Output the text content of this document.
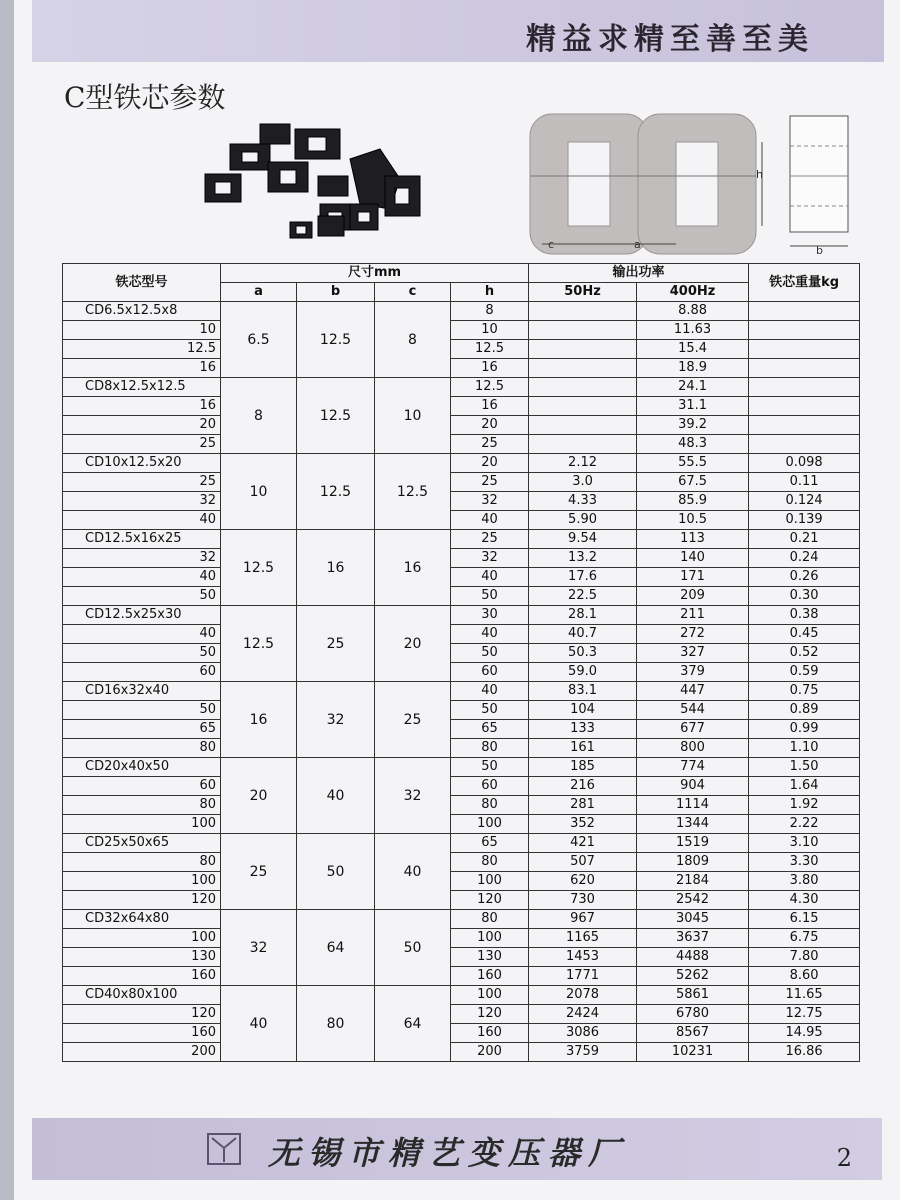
精益求精至善至美
C型铁芯参数
h
c	a	b
铁芯型号	尺寸mm				输出功率		铁芯重量kg
	a	b	c	h	50Hz	400Hz	
CD6.5x12.5x8	6.5	12.5	8	8		8.88	
10				10		11.63	
12.5				12.5		15.4	
16				16		18.9	
CD8x12.5x12.5	8	12.5	10	12.5		24.1	
16				16		31.1	
20				20		39.2	
25				25		48.3	
CD10x12.5x20	10	12.5	12.5	20	2.12	55.5	0.098
25				25	3.0	67.5	0.11
32				32	4.33	85.9	0.124
40				40	5.90	10.5	0.139
CD12.5x16x25	12.5	16	16	25	9.54	113	0.21
32				32	13.2	140	0.24
40				40	17.6	171	0.26
50				50	22.5	209	0.30
CD12.5x25x30	12.5	25	20	30	28.1	211	0.38
40				40	40.7	272	0.45
50				50	50.3	327	0.52
60				60	59.0	379	0.59
CD16x32x40	16	32	25	40	83.1	447	0.75
50				50	104	544	0.89
65				65	133	677	0.99
80				80	161	800	1.10
CD20x40x50	20	40	32	50	185	774	1.50
60				60	216	904	1.64
80				80	281	1114	1.92
100				100	352	1344	2.22
CD25x50x65	25	50	40	65	421	1519	3.10
80				80	507	1809	3.30
100				100	620	2184	3.80
120				120	730	2542	4.30
CD32x64x80	32	64	50	80	967	3045	6.15
100				100	1165	3637	6.75
130				130	1453	4488	7.80
160				160	1771	5262	8.60
CD40x80x100	40	80	64	100	2078	5861	11.65
120				120	2424	6780	12.75
160				160	3086	8567	14.95
200				200	3759	10231	16.86
无锡市精艺变压器厂	2
